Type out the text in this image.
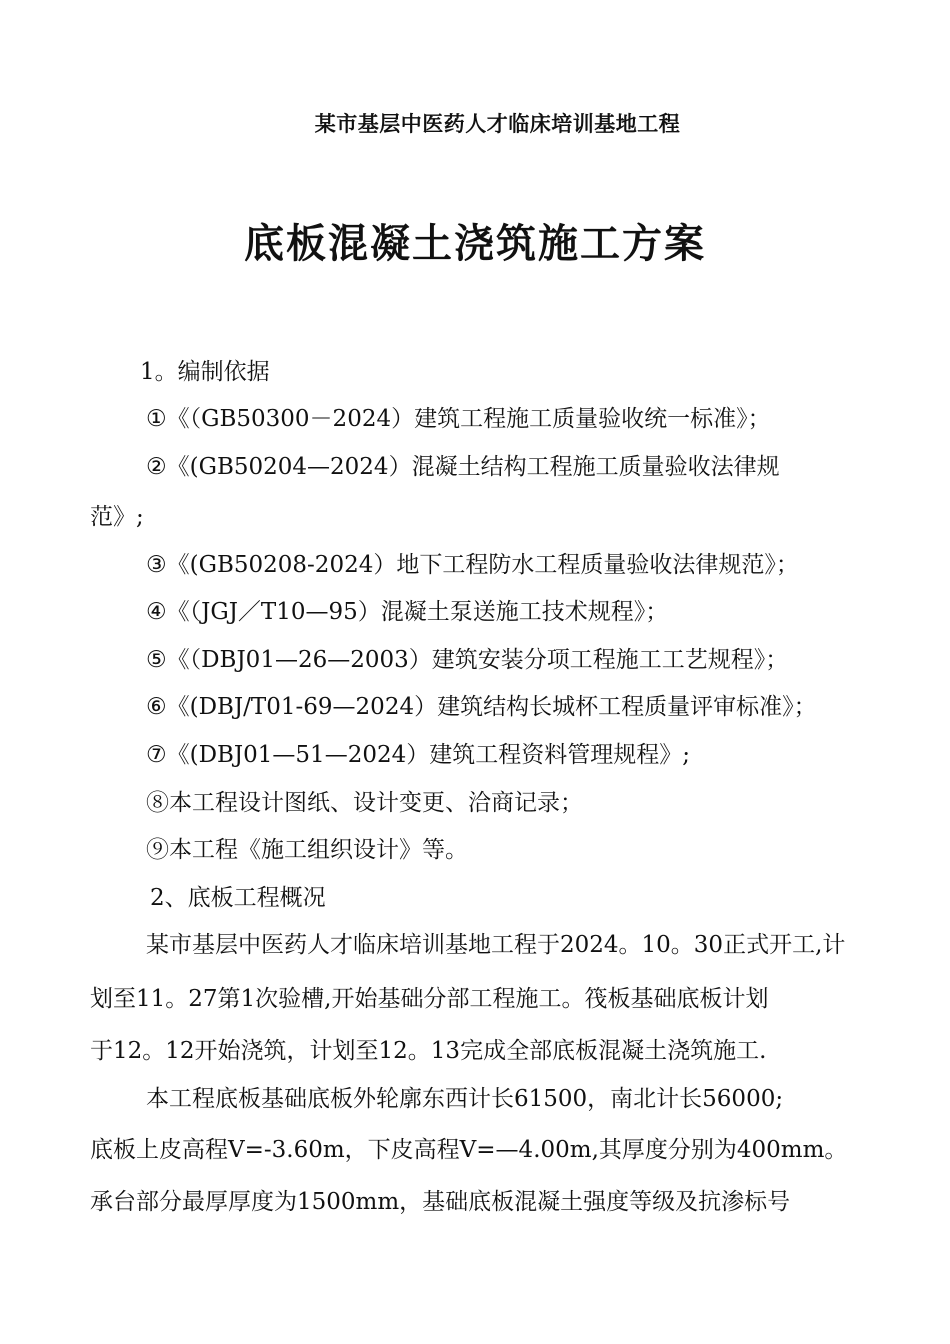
某市基层中医药人才临床培训基地工程
底板混凝土浇筑施工方案
1。编制依据
①《（GB50300－2024）建筑工程施工质量验收统一标准》；
②《(GB50204—2024）混凝土结构工程施工质量验收法律规
范》;
③《(GB50208-2024）地下工程防水工程质量验收法律规范》；
④《（JGJ／T10—95）混凝土泵送施工技术规程》；
⑤《（DBJ01—26—2003）建筑安装分项工程施工工艺规程》；
⑥《(DBJ/T01-69—2024）建筑结构长城杯工程质量评审标准》；
⑦《(DBJ01—51—2024）建筑工程资料管理规程》;
⑧本工程设计图纸、设计变更、洽商记录；
⑨本工程《施工组织设计》等。
2、底板工程概况
某市基层中医药人才临床培训基地工程于2024。10。30正式开工,计
划至11。27第1次验槽,开始基础分部工程施工。筏板基础底板计划
于12。12开始浇筑，计划至12。13完成全部底板混凝土浇筑施工.
本工程底板基础底板外轮廓东西计长61500，南北计长56000;
底板上皮高程V=-3.60m，下皮高程V=—4.00m,其厚度分别为400mm。
承台部分最厚厚度为1500mm，基础底板混凝土强度等级及抗渗标号
